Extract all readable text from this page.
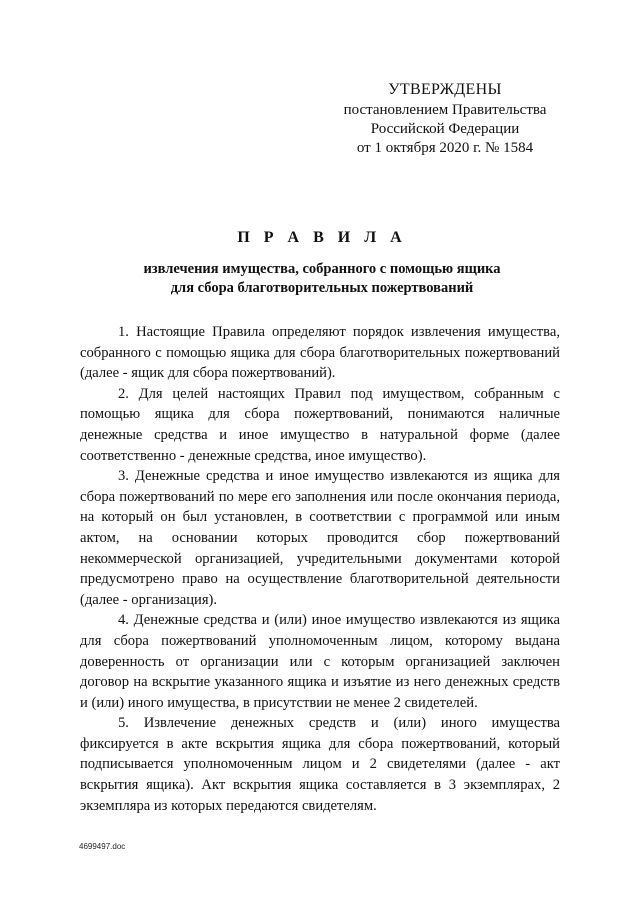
УТВЕРЖДЕНЫ
постановлением Правительства
Российской Федерации
от 1 октября 2020 г. № 1584
П Р А В И Л А
извлечения имущества, собранного с помощью ящика
для сбора благотворительных пожертвований

1. Настоящие Правила определяют порядок извлечения имущества, собранного с помощью ящика для сбора благотворительных пожертвований (далее - ящик для сбора пожертвований).

2. Для целей настоящих Правил под имуществом, собранным с помощью ящика для сбора пожертвований, понимаются наличные денежные средства и иное имущество в натуральной форме (далее соответственно - денежные средства, иное имущество).

3. Денежные средства и иное имущество извлекаются из ящика для сбора пожертвований по мере его заполнения или после окончания периода, на который он был установлен, в соответствии с программой или иным актом, на основании которых проводится сбор пожертвований некоммерческой организацией, учредительными документами которой предусмотрено право на осуществление благотворительной деятельности (далее - организация).

4. Денежные средства и (или) иное имущество извлекаются из ящика для сбора пожертвований уполномоченным лицом, которому выдана доверенность от организации или с которым организацией заключен договор на вскрытие указанного ящика и изъятие из него денежных средств и (или) иного имущества, в присутствии не менее 2 свидетелей.

5. Извлечение денежных средств и (или) иного имущества фиксируется в акте вскрытия ящика для сбора пожертвований, который подписывается уполномоченным лицом и 2 свидетелями (далее - акт вскрытия ящика). Акт вскрытия ящика составляется в 3 экземплярах, 2 экземпляра из которых передаются свидетелям.

4699497.doc
